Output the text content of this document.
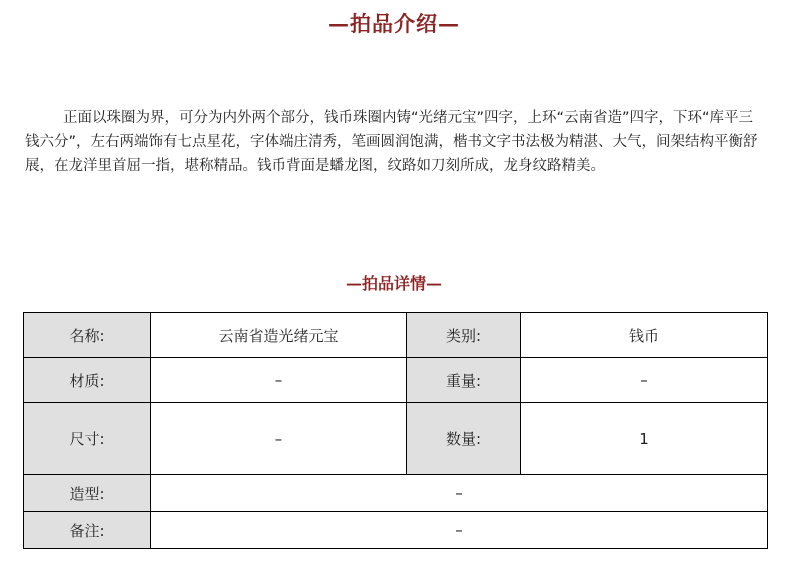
—拍品介绍—
正面以珠圈为界，可分为内外两个部分，钱币珠圈内铸“光绪元宝”四字，上环“云南省造”四字，下环“库平三钱六分”，左右两端饰有七点星花，字体端庄清秀，笔画圆润饱满，楷书文字书法极为精湛、大气，间架结构平衡舒展，在龙洋里首屈一指，堪称精品。钱币背面是蟠龙图，纹路如刀刻所成，龙身纹路精美。
—拍品详情—
名称:	云南省造光绪元宝	类别:	钱币
材质:	–	重量:	–
尺寸:	–	数量:	1
造型:	–		
备注:	–		
